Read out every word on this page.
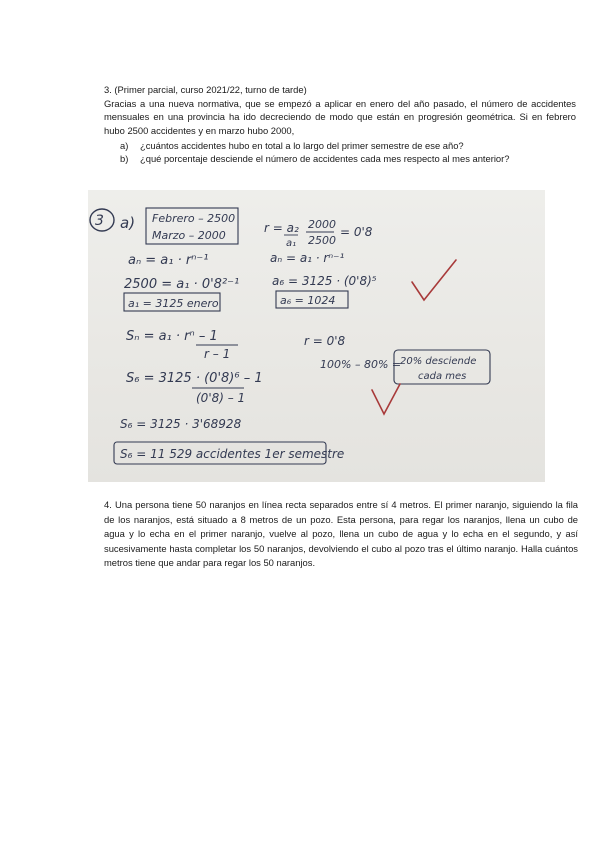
3. (Primer parcial, curso 2021/22, turno de tarde)

Gracias a una nueva normativa, que se empezó a aplicar en enero del año pasado, el número de accidentes mensuales en una provincia ha ido decreciendo de modo que están en progresión geométrica. Si en febrero hubo 2500 accidentes y en marzo hubo 2000,

a)	¿cuántos accidentes hubo en total a lo largo del primer semestre de ese año?
b)	¿qué porcentaje desciende el número de accidentes cada mes respecto al mes anterior?
3 a) Febrero – 2500
Marzo – 2000
aₙ = a₁ · rⁿ⁻¹
2500 = a₁ · 0'8²⁻¹
a₁ = 3125 enero
Sₙ = a₁ · rⁿ – 1
r – 1
S₆ = 3125 · (0'8)⁶ – 1
(0'8) – 1
S₆ = 3125 · 3'68928
S₆ = 11 529 accidentes 1er semestre
r = a₂
a₁
2000
2500
= 0'8
aₙ = a₁ · rⁿ⁻¹
a₆ = 3125 · (0'8)⁵
a₆ = 1024
r = 0'8
100% – 80% =
20% desciende
cada mes

4. Una persona tiene 50 naranjos en línea recta separados entre sí 4 metros. El primer naranjo, siguiendo la fila de los naranjos, está situado a 8 metros de un pozo. Esta persona, para regar los naranjos, llena un cubo de agua y lo echa en el primer naranjo, vuelve al pozo, llena un cubo de agua y lo echa en el segundo, y así sucesivamente hasta completar los 50 naranjos, devolviendo el cubo al pozo tras el último naranjo. Halla cuántos metros tiene que andar para regar los 50 naranjos.
